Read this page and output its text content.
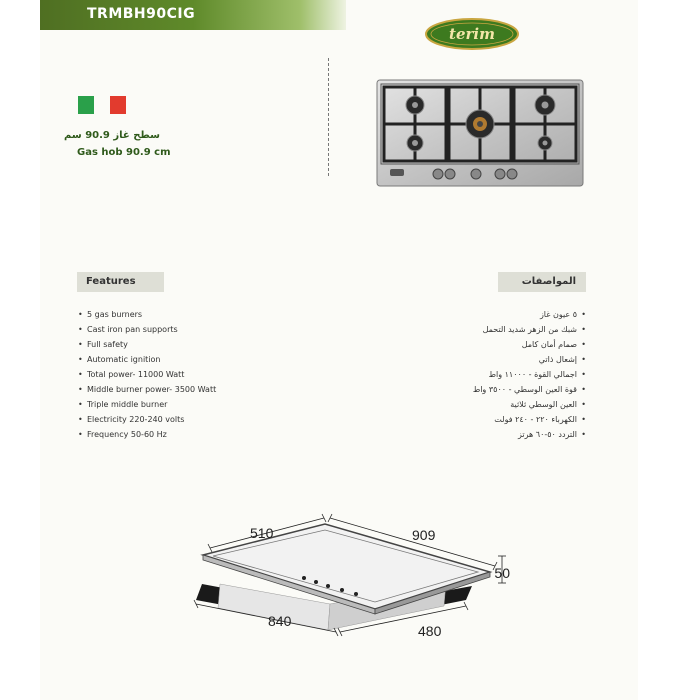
TRMBH90CIG
terim
سطح غاز 90.9 سم
Gas hob 90.9 cm
Features	المواصفات
• 5 gas burners
• Cast iron pan supports
• Full safety
• Automatic ignition
• Total power- 11000 Watt
• Middle burner power- 3500 Watt
• Triple middle burner
• Electricity 220-240 volts
• Frequency 50-60 Hz
• ٥ عيون غاز
• شبك من الزهر شديد التحمل
• صمام أمان كامل
• إشعال ذاتي
• اجمالي القوة - ١١٠٠٠ واط
• قوة العين الوسطي - ٣٥٠٠ واط
• العين الوسطي ثلاثية
• الكهرباء ٢٢٠ - ٢٤٠ فولت
• التردد ٥٠-٦٠ هرتز
510	909
50
840
480
